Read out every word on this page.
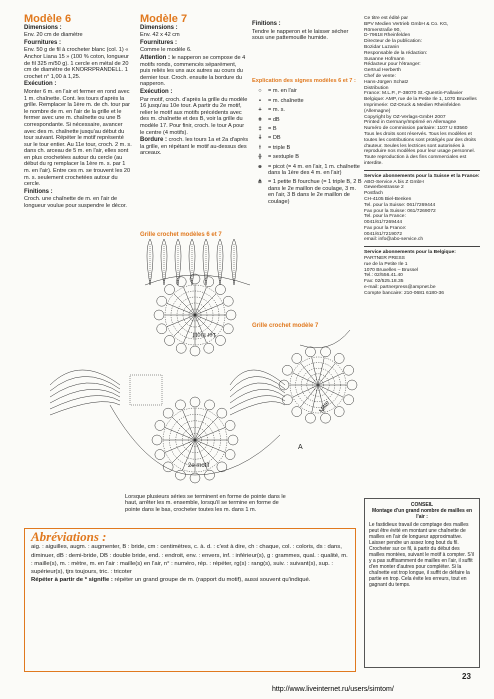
Modèle 6
Dimensions :

Env. 20 cm de diamètre

Fournitures :

Env. 50 g de fil à crocheter blanc (col. 1) « Anchor Liana 15 » (100 % coton, longueur de fil 325 m/50 g). 1 cercle en métal de 20 cm de diamètre de KNORRPRANDELL. 1 crochet n° 1,00 à 1,25.

Exécution :

Monter 6 m. en l'air et fermer en rond avec 1 m. chaînette. Cont. les tours d'après la grille. Remplacer la 1ère m. de ch. tour par le nombre de m. en l'air de la grille et le fermer avec une m. chaînette ou une B correspondante. Si nécessaire, avancer avec des m. chaînette jusqu'au début du tour suivant. Répéter le motif représenté sur le tour entier. Au 11e tour, croch. 2 m. s. dans ch. arceau de 5 m. en l'air, elles sont en plus crochetées autour du cercle (au début du rg remplacer la 1ère m. s. par 1 m. en l'air). Entre ces m. se trouvent les 20 m. s. seulement crochetées autour du cercle.

Finitions :

Croch. une chaînette de m. en l'air de longueur voulue pour suspendre le décor.

Modèle 7
Dimensions :

Env. 42 x 42 cm

Fournitures :

Comme le modèle 6.

Attention : le napperon se compose de 4 motifs ronds, commencés séparément, puis reliés les uns aux autres au cours du dernier tour. Croch. ensuite la bordure du napperon.

Exécution :

Par motif, croch. d'après la grille du modèle 16 jusqu'au 10e tour. A partir du 2e motif, relier le motif aux motifs précédents avec des m. chaînette et des B, voir la grille du modèle 17. Pour finir, croch. le tour A pour le centre (4 motifs).

Bordure : croch. les tours 1a et 2a d'après la grille, en répétant le motif au-dessus des arceaux.

Finitions :

Tendre le napperon et le laisser sécher sous une pattemouille humide.

Explication des signes modèles 6 et 7 :
○	= m. en l'air
•	= m. chaînette
+	= m. s.
ǂ	= dB
‡	= B
⸸	= DB
⟊	= triple B
⟠	= sextuple B
ɵ	= picot (= 4 m. en l'air, 1 m. chaînette dans la 1ère des 4 m. en l'air)
⋔	= 1 petite B fourchue (= 1 triple B, 2 B dans le 2e maillon de coulage, 3 m. en l'air, 3 B dans le 2e maillon de coulage)
Grille crochet modèles 6 et 7
Grille crochet modèle 7
1er motif
2e motif
Mitte
A
Lorsque plusieurs séries se terminent en forme de pointe dans le haut, arrêter les m. ensemble, lorsqu'il se termine en forme de pointe dans le bas, crocheter toutes les m. dans 1 m.
Ce titre est édité par
BPV Medien Vertrieb GmbH & Co. KG,
Römerstraße 90,
D-79618 Rheinfelden
Directeur de la publication:
Bozidar Luzanin
Responsable de la rédaction:
Susanne Hofmann
Rédacteur pour l'étranger:
Gertrud Herberth
Chef de vente:
Hans-Jürgen Schatz
Distribution
France: M.L.P., F-38070 St.-Quentin-Fallavier
Belgique: AMP, rue de la Petite Ile 1, 1070 Bruxelles
Imprimerie: OZ-Druck & Medien Rheinfelden (Allemagne)
Copyright by OZ-Verlags-GmbH 2007
Printed in Germany/Imprimé en Allemagne
Numéro de commission paritaire: 1107 U 83560
Tous les droits sont réservés. Tous les modèles et toutes les contributions sont protégés par des droits d'auteur. Seules les lectrices sont autorisées à reproduire nos modèles pour leur usage personnel. Toute reproduction à des fins commerciales est interdite.
Service abonnements pour la Suisse et la France:
ABO-Service A bis Z GmbH
Gewerbestrasse 2
Postfach
CH-4105 Biel-Benken
Tel. pour la Suisse: 061/7269444
Fax pour la Suisse: 061/7269072
Tel. pour la France:
0041/61/7269444
Fax pour la France:
0041/61/7219072
email: info@abo-service.ch
Service abonnements pour la Belgique:
PARTNER PRESS
rue de la Petite Ile 1
1070 Bruxelles – Brussel
Tel.: 02/556.41.40
Fax: 02/525.18.35
e-mail: partnerpress@ampnet.be
Compte bancaire: 210-0681 6180-36
CONSEIL
Montage d'un grand nombre de mailles en l'air :
Le fastidieux travail de comptage des mailles peut être évité en montant une chaînette de mailles en l'air de longueur approximative. Laisser pendre un assez long bout du fil. Crocheter sur ce fil, à partir du début des mailles montées, suivant le motif à compter. S'il y a pas suffisamment de mailles en l'air, il suffit d'en monter d'autres pour compléter. Si la chaînette est trop longue, il suffit de défaire la partie en trop. Cela évite les erreurs, tout en gagnant du temps.
Abréviations :
aig. : aiguilles, augm. : augmenter, B : bride, cm : centimètres, c. à. d. : c'est à dire, ch : chaque, col. : coloris, ds : dans, diminuer, dB : demi-bride, DB : double bride, end. : endroit, env. : envers, inf. : inférieur(s), g : grammes, qual. : qualité, m. : maille(s), m. : mètre, m. en l'air : maille(s) en l'air, n° : numéro, rép. : répéter, rg(s) : rang(s), suiv. : suivant(s), sup. : supérieur(s), tjrs toujours, tric. : tricoter
Répéter à partir de * signifie : répéter un grand groupe de m. (rapport du motif), aussi souvent qu'indiqué.
23
http://www.liveinternet.ru/users/simtom/
